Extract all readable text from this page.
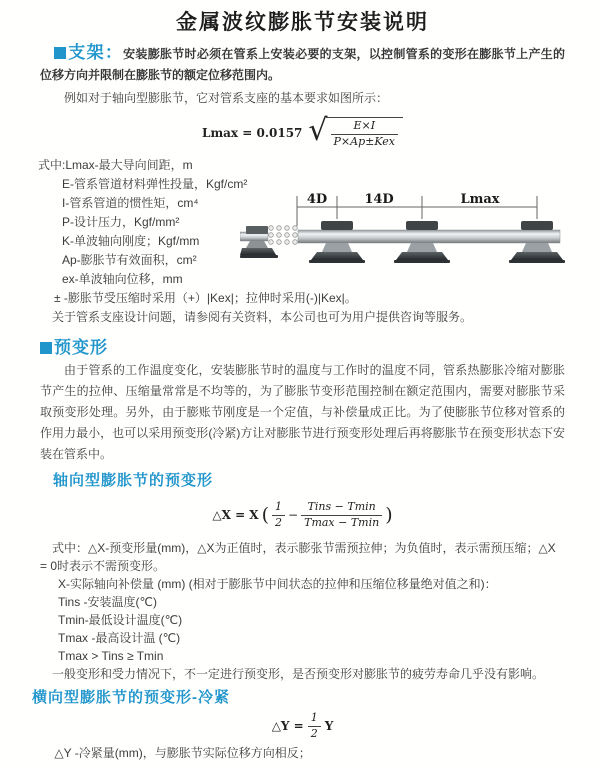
金属波纹膨胀节安装说明

支架：安装膨胀节时必须在管系上安装必要的支架，以控制管系的变形在膨胀节上产生的位移方向并限制在膨胀节的额定位移范围内。

例如对于轴向型膨胀节，它对管系支座的基本要求如图所示：

Lmax = 0.0157 √ $\frac{E\times I}{\text{P×Ap±Kex}}$

式中:Lmax-最大导向间距，m

E-管系管道材料弹性投量，Kgf/cm²

I-管系管道的惯性矩，cm⁴

P-设计压力，Kgf/mm²

K-单波轴向刚度；Kgf/mm

Ap-膨胀节有效面积，cm²

ex-单波轴向位移，mm

± -膨胀节受压缩时采用（+）|Kex|；拉伸时采用(-)|Kex|。

关于管系支座设计问题，请参阅有关资料，本公司也可为用户提供咨询等服务。

4D	14D	Lmax

预变形

由于管系的工作温度变化，安装膨胀节时的温度与工作时的温度不同，管系热膨胀冷缩对膨胀节产生的拉伸、压缩量常常是不均等的，为了膨胀节变形范围控制在额定范围内，需要对膨胀节采取预变形处理。另外，由于膨账节刚度是一个定值，与补偿量成正比。为了使膨胀节位移对管系的作用力最小，也可以采用预变形(冷紧)方让对膨胀节进行预变形处理后再将膨胀节在预变形状态下安装在管系中。

轴向型膨胀节的预变形

△X = X ( $\frac{1}{2} - \frac{\text{Tins − Tmin}}{Tmax - Tmin}$ )

式中：△X-预变形量(mm)，△X为正值时，表示膨张节需预拉伸；为负值时，表示需预压缩；△X = 0时表示不需预变形。

X-实际轴向补偿量 (mm) (相对于膨胀节中间状态的拉伸和压缩位移量绝对值之和)：

Tins -安装温度(℃)

Tmin-最低设计温度(℃)

Tmax -最高设计温 (℃)

Tmax > Tins ≥ Tmin

一般变形和受力情况下，不一定进行预变形，是否预变形对膨胀节的疲劳寿命几乎没有影响。

横向型膨胀节的预变形-冷紧

△Y = $\frac{1}{2}$ Y

△Y -冷紧量(mm)，与膨胀节实际位移方向相反；
